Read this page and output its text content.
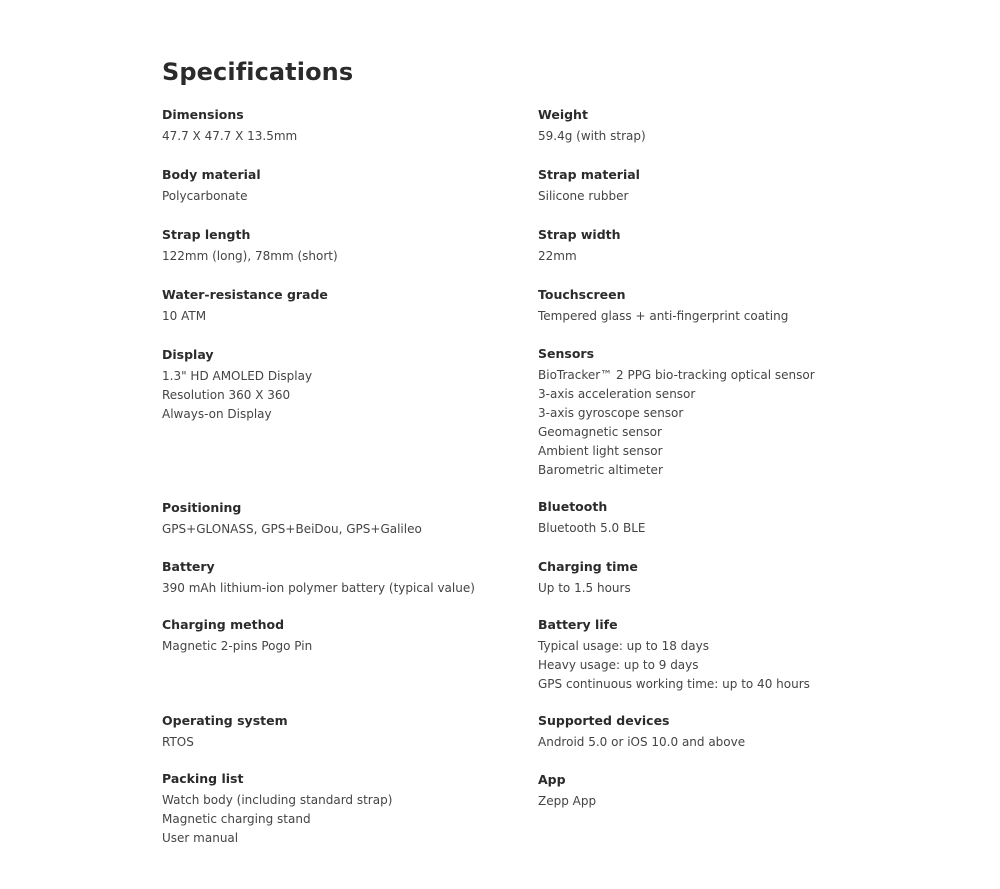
Specifications
Dimensions
47.7 X 47.7 X 13.5mm
Weight
59.4g (with strap)
Body material
Polycarbonate
Strap material
Silicone rubber
Strap length
122mm (long), 78mm (short)
Strap width
22mm
Water-resistance grade
10 ATM
Touchscreen
Tempered glass + anti-fingerprint coating
Display
1.3" HD AMOLED Display
Resolution 360 X 360
Always-on Display
Sensors
BioTracker™ 2 PPG bio-tracking optical sensor
3-axis acceleration sensor
3-axis gyroscope sensor
Geomagnetic sensor
Ambient light sensor
Barometric altimeter
Positioning
GPS+GLONASS, GPS+BeiDou, GPS+Galileo
Bluetooth
Bluetooth 5.0 BLE
Battery
390 mAh lithium-ion polymer battery (typical value)
Charging time
Up to 1.5 hours
Charging method
Magnetic 2-pins Pogo Pin
Battery life
Typical usage: up to 18 days
Heavy usage: up to 9 days
GPS continuous working time: up to 40 hours
Operating system
RTOS
Supported devices
Android 5.0 or iOS 10.0 and above
Packing list
Watch body (including standard strap)
Magnetic charging stand
User manual
App
Zepp App
